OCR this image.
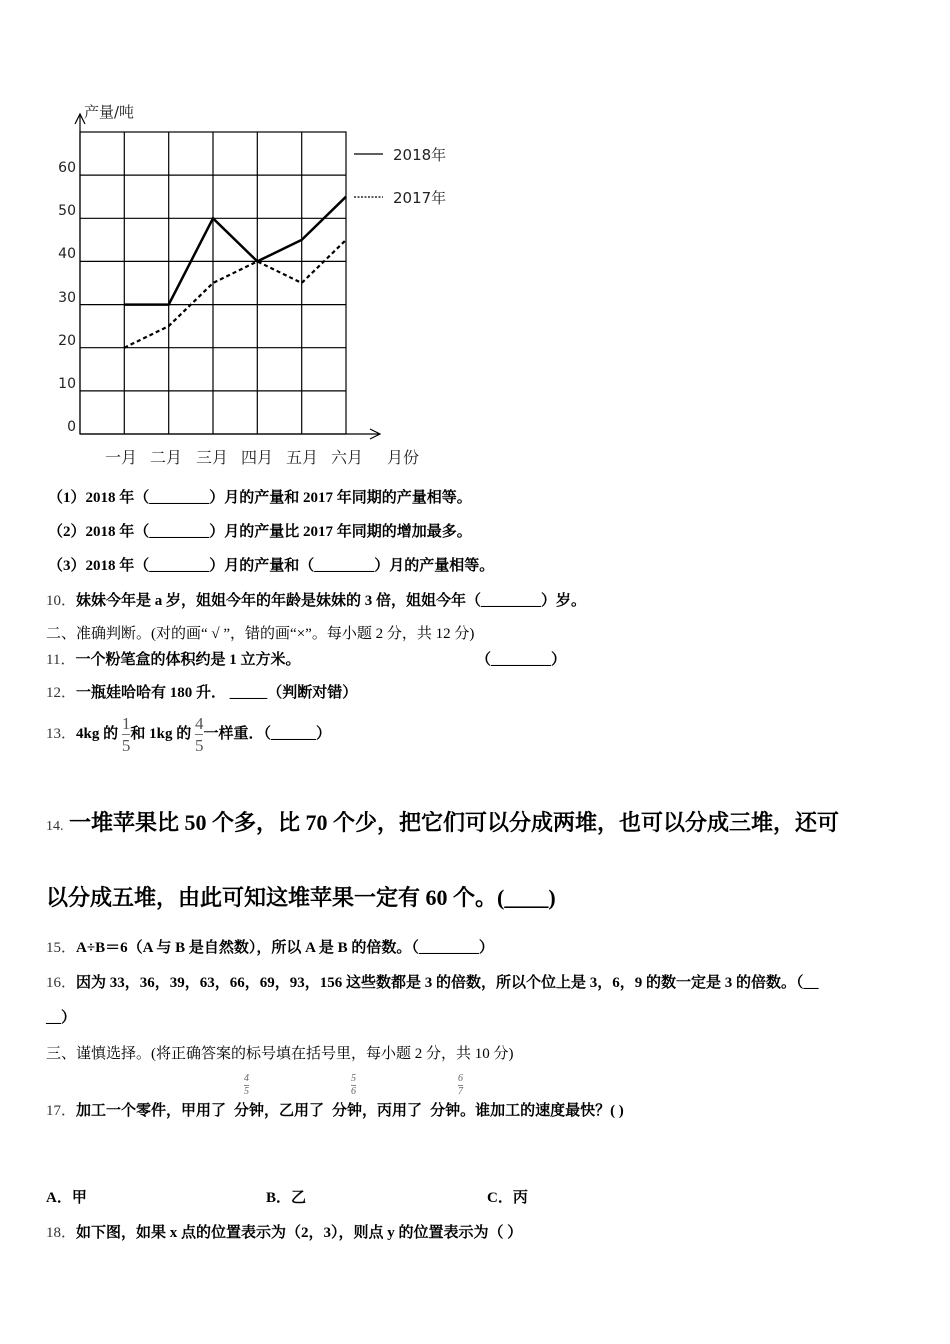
0
10
20
30
40
50
60
产量/吨
一月 二月 三月 四月 五月 六月 月份
2018年
2017年
（1）2018 年（________）月的产量和 2017 年同期的产量相等。
（2）2018 年（________）月的产量比 2017 年同期的增加最多。
（3）2018 年（________）月的产量和（________）月的产量相等。
10．妹妹今年是 a 岁，姐姐今年的年龄是妹妹的 3 倍，姐姐今年（________）岁。
二、准确判断。(对的画“ √ ”，错的画“×”。每小题 2 分，共 12 分)
11．一个粉笔盒的体积约是 1 立方米。	（________）
12．一瓶娃哈哈有 180 升． _____（判断对错）
13．4kg 的 $\frac{1}{5}$ 和 1kg 的 $\frac{4}{5}$ 一样重．（______）
14. 一堆苹果比 50 个多，比 70 个少，把它们可以分成两堆，也可以分成三堆，还可
以分成五堆，由此可知这堆苹果一定有 60 个。(____)
15．A÷B＝6（A 与 B 是自然数），所以 A 是 B 的倍数。（________）
16．因为 33，36，39，63，66，69，93，156 这些数都是 3 的倍数，所以个位上是 3，6，9 的数一定是 3 的倍数。（__
__）
三、谨慎选择。(将正确答案的标号填在括号里，每小题 2 分，共 10 分)
17．加工一个零件，甲用了 分钟，乙用了 分钟，丙用了 分钟。谁加工的速度最快？( )
4
5
5
6
6
7
A．甲	B．乙	C．丙
18．如下图，如果 x 点的位置表示为（2，3），则点 y 的位置表示为（ ）
